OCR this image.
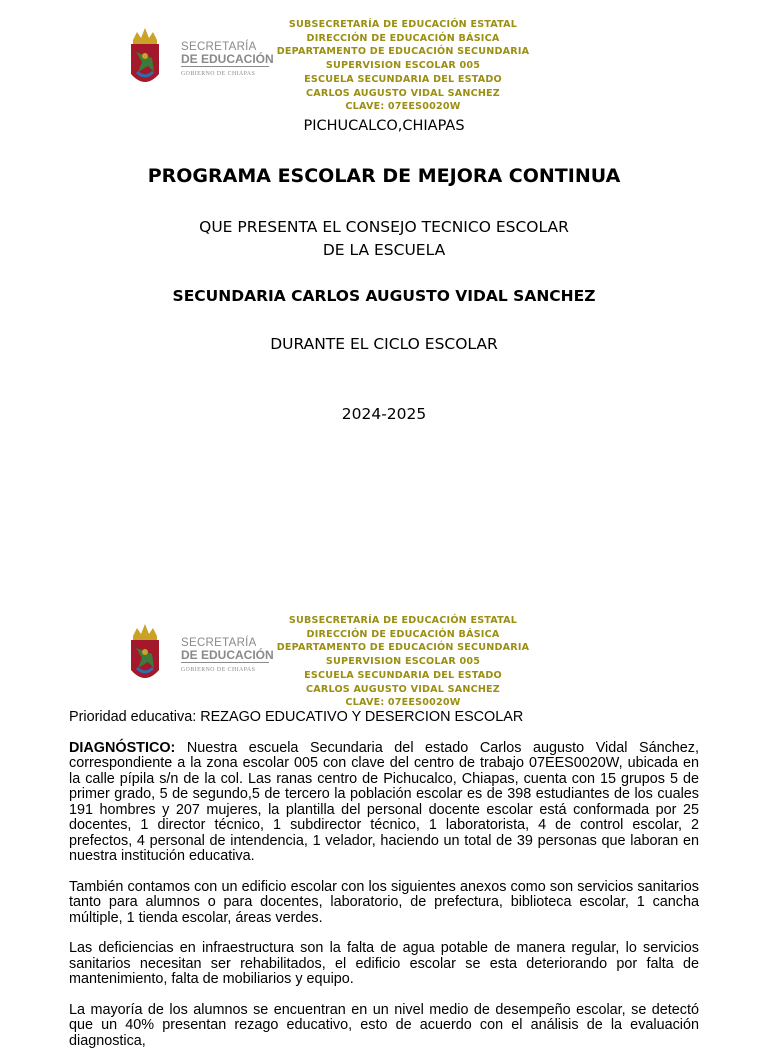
SECRETARÍA
DE EDUCACIÓN
GOBIERNO DE CHIAPAS
SUBSECRETARÍA DE EDUCACIÓN ESTATAL
DIRECCIÓN DE EDUCACIÓN BÁSICA
DEPARTAMENTO DE EDUCACIÓN SECUNDARIA
SUPERVISION ESCOLAR 005
ESCUELA SECUNDARIA DEL ESTADO
CARLOS AUGUSTO VIDAL SANCHEZ
CLAVE: 07EES0020W
PICHUCALCO,CHIAPAS
PROGRAMA ESCOLAR DE MEJORA CONTINUA
QUE PRESENTA EL CONSEJO TECNICO ESCOLAR
DE LA ESCUELA
SECUNDARIA CARLOS AUGUSTO VIDAL SANCHEZ
DURANTE EL CICLO ESCOLAR
2024-2025
SECRETARÍA
DE EDUCACIÓN
GOBIERNO DE CHIAPAS
SUBSECRETARÍA DE EDUCACIÓN ESTATAL
DIRECCIÓN DE EDUCACIÓN BÁSICA
DEPARTAMENTO DE EDUCACIÓN SECUNDARIA
SUPERVISION ESCOLAR 005
ESCUELA SECUNDARIA DEL ESTADO
CARLOS AUGUSTO VIDAL SANCHEZ
CLAVE: 07EES0020W

Prioridad educativa: REZAGO EDUCATIVO Y DESERCION ESCOLAR

DIAGNÓSTICO: Nuestra escuela Secundaria del estado Carlos augusto Vidal Sánchez, correspondiente a la zona escolar 005 con clave del centro de trabajo 07EES0020W, ubicada en la calle pípila s/n de la col. Las ranas centro de Pichucalco, Chiapas, cuenta con 15 grupos 5 de primer grado, 5 de segundo,5 de tercero la población escolar es de 398 estudiantes de los cuales 191 hombres y 207 mujeres, la plantilla del personal docente escolar está conformada por 25 docentes, 1 director técnico, 1 subdirector técnico, 1 laboratorista, 4 de control escolar, 2 prefectos, 4 personal de intendencia, 1 velador, haciendo un total de 39 personas que laboran en nuestra institución educativa.

También contamos con un edificio escolar con los siguientes anexos como son servicios sanitarios tanto para alumnos o para docentes, laboratorio, de prefectura, biblioteca escolar, 1 cancha múltiple, 1 tienda escolar, áreas verdes.

Las deficiencias en infraestructura son la falta de agua potable de manera regular, lo servicios sanitarios necesitan ser rehabilitados, el edificio escolar se esta deteriorando por falta de mantenimiento, falta de mobiliarios y equipo.

La mayoría de los alumnos se encuentran en un nivel medio de desempeño escolar, se detectó que un 40% presentan rezago educativo, esto de acuerdo con el análisis de la evaluación diagnostica,
